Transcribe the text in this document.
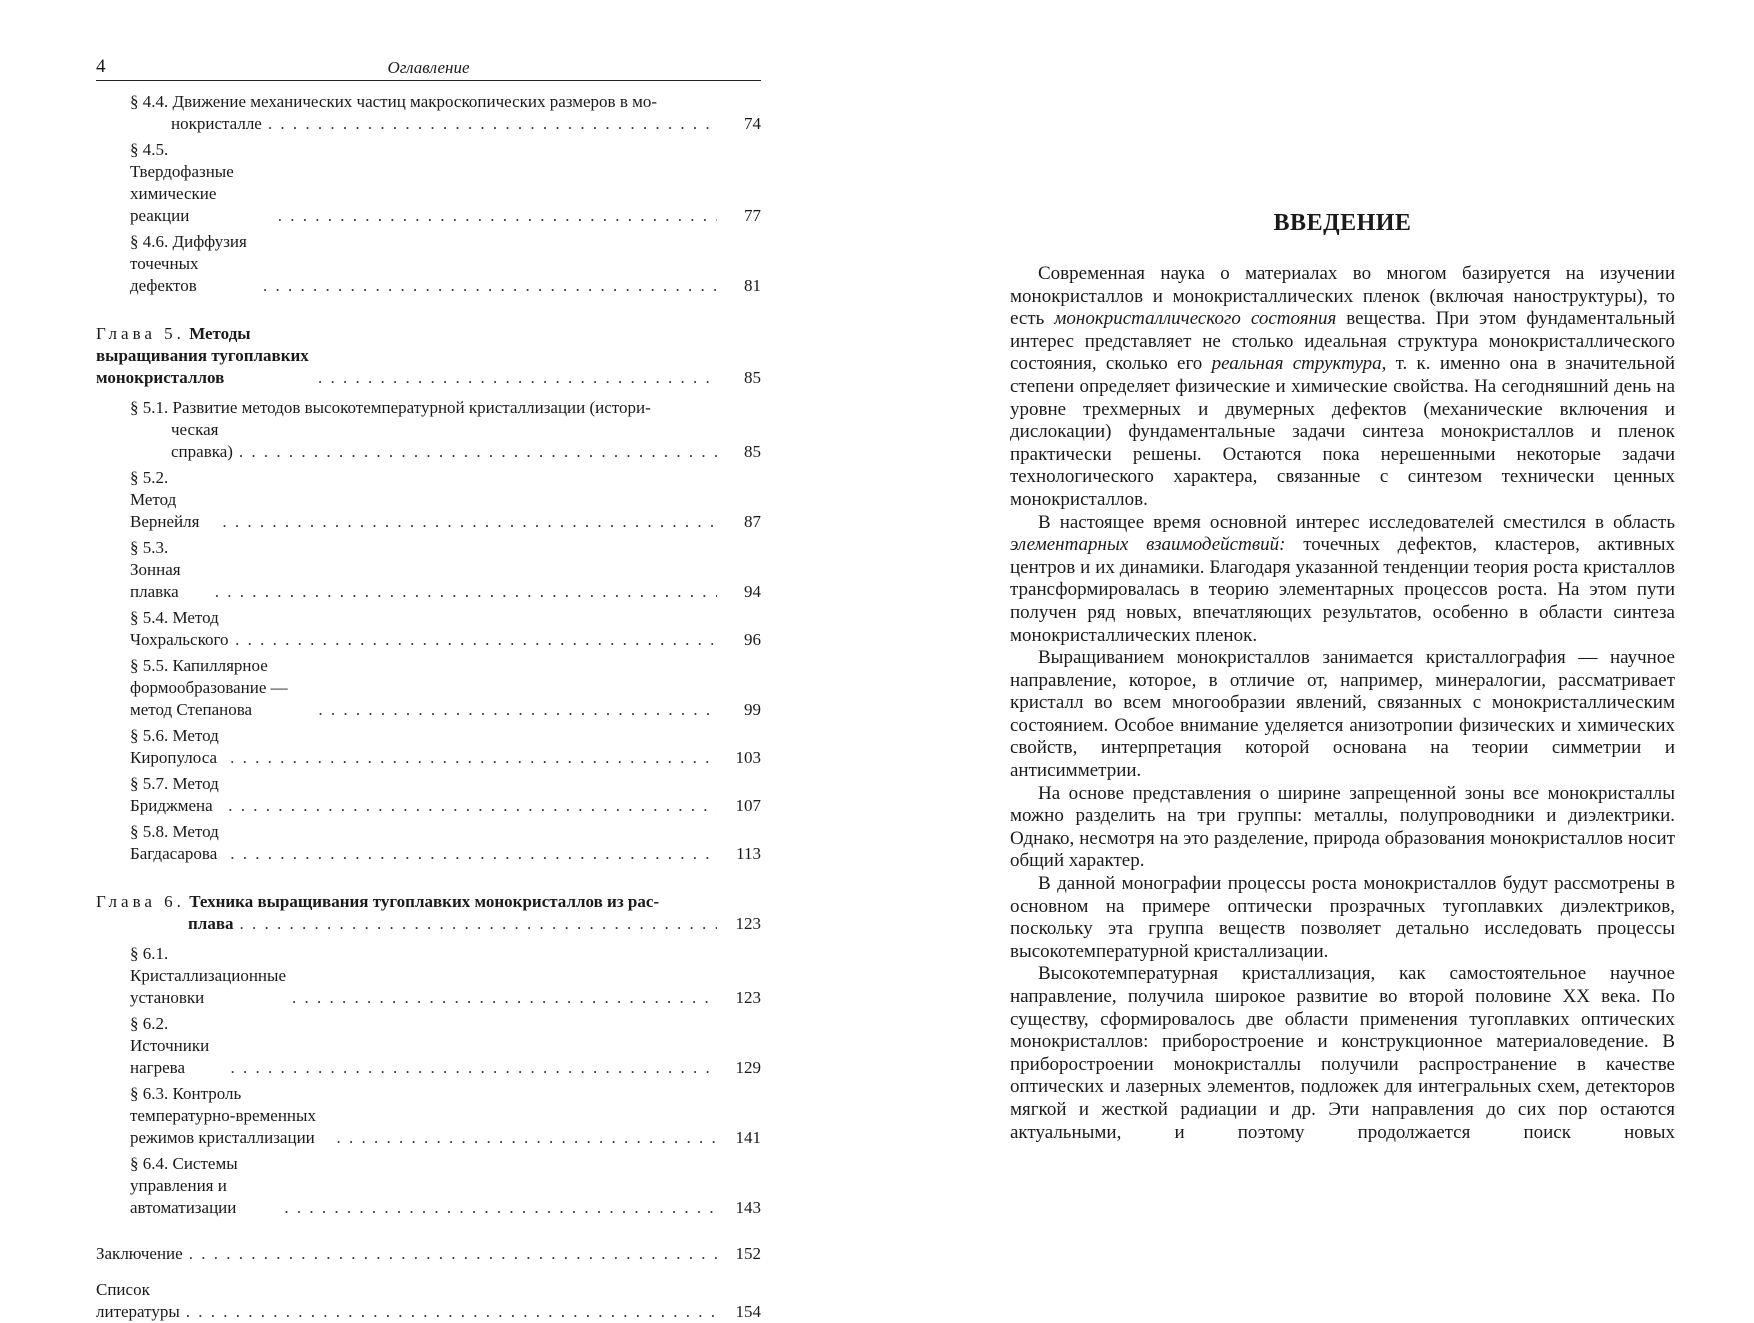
4	Оглавление
§ 4.4. Движение механических частиц макроскопических размеров в мо-
нокристалле . . .	74
§ 4.5. Твердофазные химические реакции . . .	77
§ 4.6. Диффузия точечных дефектов . . .	81
Глава 5. Методы выращивания тугоплавких монокристаллов . . .	85
§ 5.1. Развитие методов высокотемпературной кристаллизации (истори-
ческая справка) . . .	85
§ 5.2. Метод Вернейля . . .	87
§ 5.3. Зонная плавка . . .	94
§ 5.4. Метод Чохральского . . .	96
§ 5.5. Капиллярное формообразование — метод Степанова . . .	99
§ 5.6. Метод Киропулоса . . .	103
§ 5.7. Метод Бриджмена . . .	107
§ 5.8. Метод Багдасарова . . .	113
Глава 6. Техника выращивания тугоплавких монокристаллов из рас-
плава . . .	123
§ 6.1. Кристаллизационные установки . . .	123
§ 6.2. Источники нагрева . . .	129
§ 6.3. Контроль температурно-временных режимов кристаллизации . . .	141
§ 6.4. Системы управления и автоматизации . . .	143
Заключение . . .	152
Список литературы . . .	154
ВВЕДЕНИЕ

Современная наука о материалах во многом базируется на изучении монокристаллов и монокристаллических пленок (включая наноструктуры), то есть монокристаллического состояния вещества. При этом фундаментальный интерес представляет не столько идеальная структура монокристаллического состояния, сколько его реальная структура, т. к. именно она в значительной степени определяет физические и химические свойства. На сегодняшний день на уровне трехмерных и двумерных дефектов (механические включения и дислокации) фундаментальные задачи синтеза монокристаллов и пленок практически решены. Остаются пока нерешенными некоторые задачи технологического характера, связанные с синтезом технически ценных монокристаллов.

В настоящее время основной интерес исследователей сместился в область элементарных взаимодействий: точечных дефектов, кластеров, активных центров и их динамики. Благодаря указанной тенденции теория роста кристаллов трансформировалась в теорию элементарных процессов роста. На этом пути получен ряд новых, впечатляющих результатов, особенно в области синтеза монокристаллических пленок.

Выращиванием монокристаллов занимается кристаллография — научное направление, которое, в отличие от, например, минералогии, рассматривает кристалл во всем многообразии явлений, связанных с монокристаллическим состоянием. Особое внимание уделяется анизотропии физических и химических свойств, интерпретация которой основана на теории симметрии и антисимметрии.

На основе представления о ширине запрещенной зоны все монокристаллы можно разделить на три группы: металлы, полупроводники и диэлектрики. Однако, несмотря на это разделение, природа образования монокристаллов носит общий характер.

В данной монографии процессы роста монокристаллов будут рассмотрены в основном на примере оптически прозрачных тугоплавких диэлектриков, поскольку эта группа веществ позволяет детально исследовать процессы высокотемпературной кристаллизации.

Высокотемпературная кристаллизация, как самостоятельное научное направление, получила широкое развитие во второй половине XX века. По существу, сформировалось две области применения тугоплавких оптических монокристаллов: приборостроение и конструкционное материаловедение. В приборостроении монокристаллы получили распространение в качестве оптических и лазерных элементов, подложек для интегральных схем, детекторов мягкой и жесткой радиации и др. Эти направления до сих пор остаются актуальными, и поэтому продолжается поиск новых
